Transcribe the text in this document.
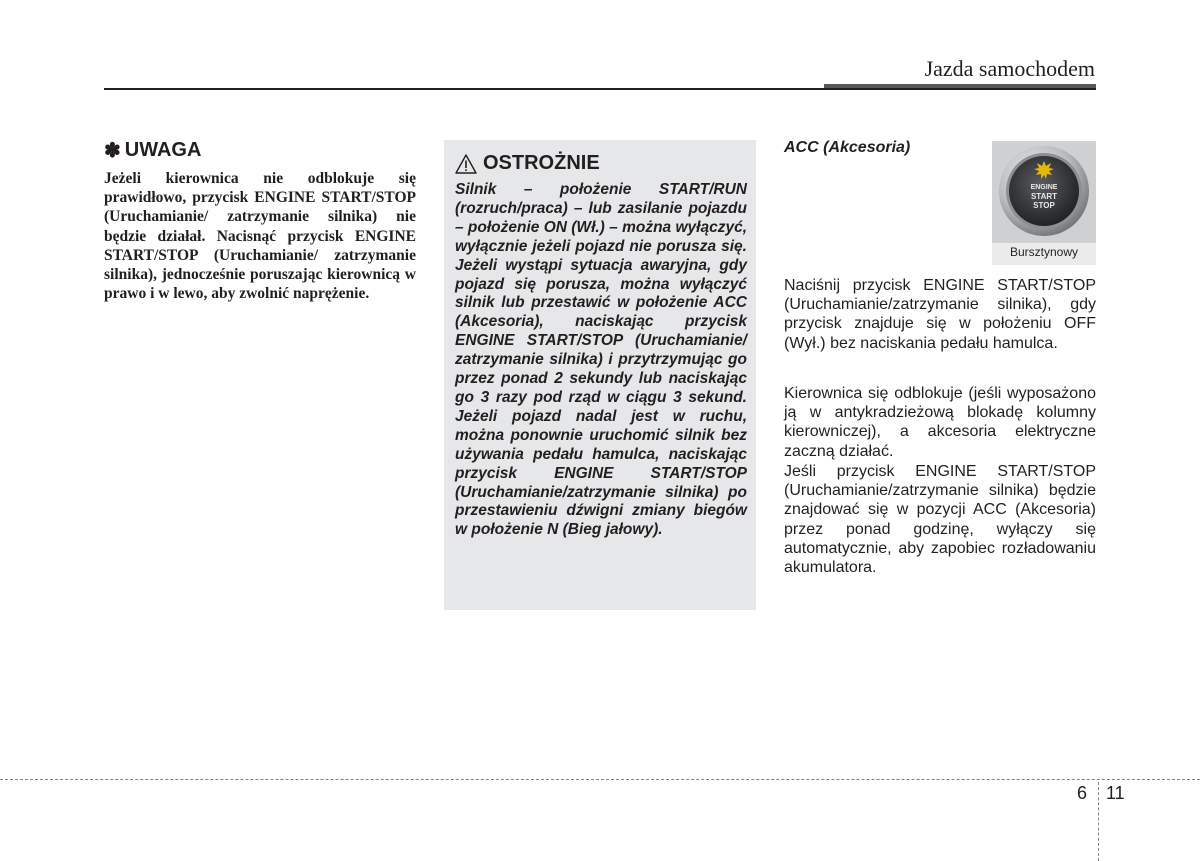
Jazda samochodem
✽ UWAGA

Jeżeli kierownica nie odblokuje się prawidłowo, przycisk ENGINE START/STOP (Uruchamianie/ zatrzymanie silnika) nie będzie działał. Nacisnąć przycisk ENGINE START/STOP (Uruchamianie/ zatrzymanie silnika), jednocześnie poruszając kierownicą w prawo i w lewo, aby zwolnić naprężenie.

OSTROŻNIE

Silnik – położenie START/RUN (rozruch/praca) – lub zasilanie pojazdu – położenie ON (Wł.) – można wyłączyć, wyłącznie jeżeli pojazd nie porusza się. Jeżeli wystąpi sytuacja awaryjna, gdy pojazd się porusza, można wyłączyć silnik lub przestawić w położenie ACC (Akcesoria), naciskając przycisk ENGINE START/STOP (Uruchamianie/ zatrzymanie silnika) i przytrzymując go przez ponad 2 sekundy lub naciskając go 3 razy pod rząd w ciągu 3 sekund. Jeżeli pojazd nadal jest w ruchu, można ponownie uruchomić silnik bez używania pedału hamulca, naciskając przycisk ENGINE START/STOP (Uruchamianie/zatrzymanie silnika) po przestawieniu dźwigni zmiany biegów w położenie N (Bieg jałowy).

ACC (Akcesoria)
ENGINE
START
STOP
Bursztynowy

Naciśnij przycisk ENGINE START/STOP (Uruchamianie/zatrzymanie silnika), gdy przycisk znajduje się w położeniu OFF (Wył.) bez naciskania pedału hamulca.

Kierownica się odblokuje (jeśli wyposażono ją w antykradzieżową blokadę kolumny kierowniczej), a akcesoria elektryczne zaczną działać.

Jeśli przycisk ENGINE START/STOP (Uruchamianie/zatrzymanie silnika) będzie znajdować się w pozycji ACC (Akcesoria) przez ponad godzinę, wyłączy się automatycznie, aby zapobiec rozładowaniu akumulatora.

6 11
